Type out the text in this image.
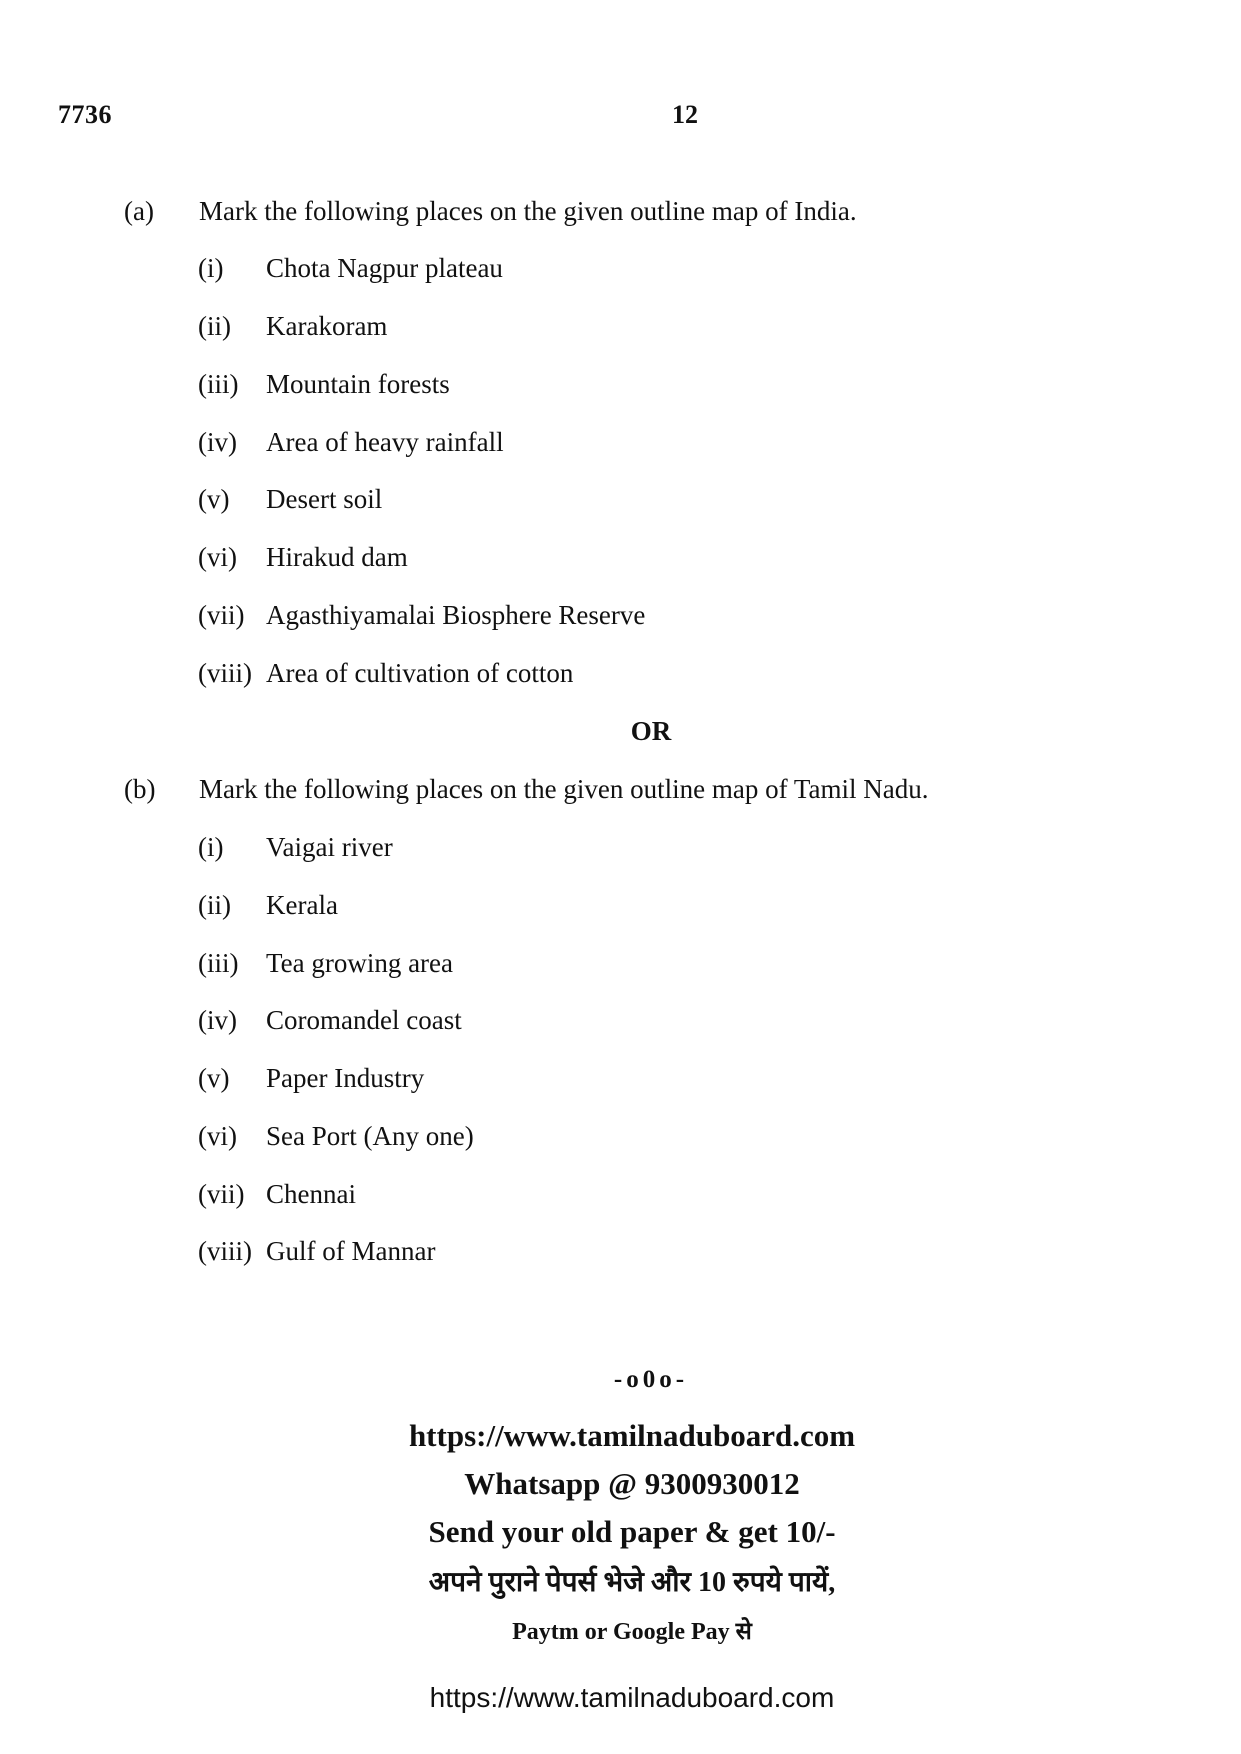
7736	12
(a) Mark the following places on the given outline map of India.
(i) Chota Nagpur plateau
(ii) Karakoram
(iii) Mountain forests
(iv) Area of heavy rainfall
(v) Desert soil
(vi) Hirakud dam
(vii) Agasthiyamalai Biosphere Reserve
(viii) Area of cultivation of cotton
OR
(b) Mark the following places on the given outline map of Tamil Nadu.
(i) Vaigai river
(ii) Kerala
(iii) Tea growing area
(iv) Coromandel coast
(v) Paper Industry
(vi) Sea Port (Any one)
(vii) Chennai
(viii) Gulf of Mannar
-o0o-
https://www.tamilnaduboard.com
Whatsapp @ 9300930012
Send your old paper & get 10/-
अपने पुराने पेपर्स भेजे और 10 रुपये पायें,
Paytm or Google Pay से
https://www.tamilnaduboard.com
